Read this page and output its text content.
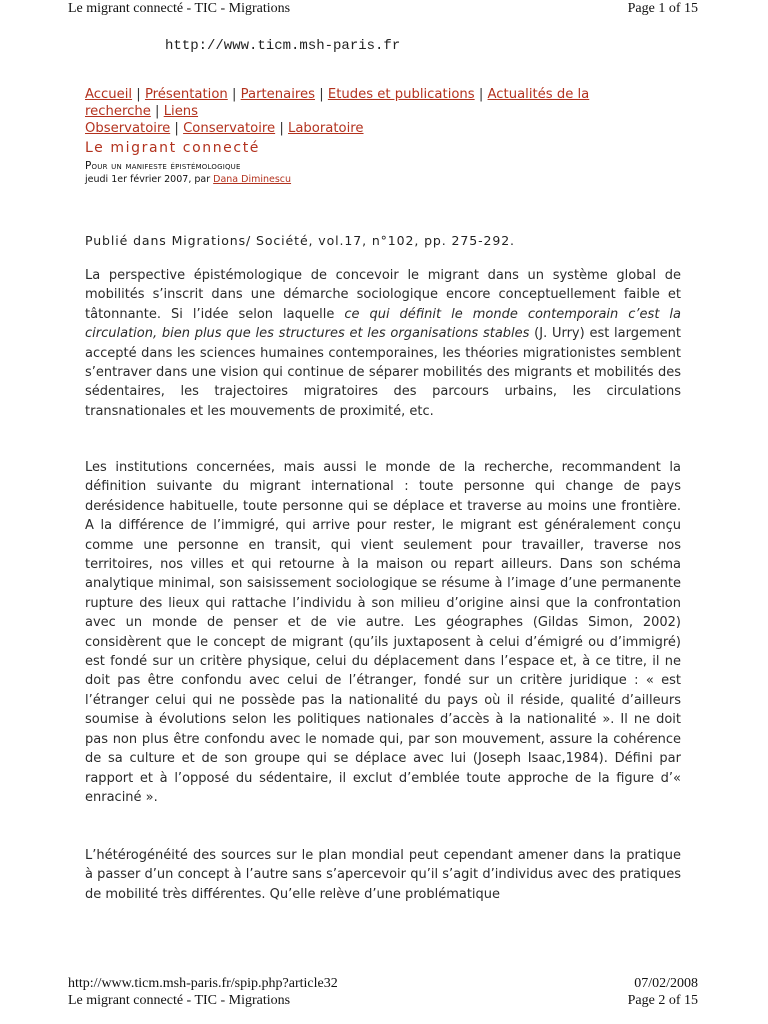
Le migrant connecté - TIC - Migrations	Page 1 of 15
http://www.ticm.msh-paris.fr
Accueil | Présentation | Partenaires | Etudes et publications | Actualités de la recherche | Liens
Observatoire | Conservatoire | Laboratoire
Le migrant connecté
Pour un manifeste épistémologique
jeudi 1er février 2007, par Dana Diminescu
Publié dans Migrations/ Société, vol.17, n°102, pp. 275-292.
La perspective épistémologique de concevoir le migrant dans un système global de mobilités s’inscrit dans une démarche sociologique encore conceptuellement faible et tâtonnante. Si l’idée selon laquelle ce qui définit le monde contemporain c’est la circulation, bien plus que les structures et les organisations stables (J. Urry) est largement accepté dans les sciences humaines contemporaines, les théories migrationistes semblent s’entraver dans une vision qui continue de séparer mobilités des migrants et mobilités des sédentaires, les trajectoires migratoires des parcours urbains, les circulations transnationales et les mouvements de proximité, etc.
Les institutions concernées, mais aussi le monde de la recherche, recommandent la définition suivante du migrant international : toute personne qui change de pays derésidence habituelle, toute personne qui se déplace et traverse au moins une frontière. A la différence de l’immigré, qui arrive pour rester, le migrant est généralement conçu comme une personne en transit, qui vient seulement pour travailler, traverse nos territoires, nos villes et qui retourne à la maison ou repart ailleurs. Dans son schéma analytique minimal, son saisissement sociologique se résume à l’image d’une permanente rupture des lieux qui rattache l’individu à son milieu d’origine ainsi que la confrontation avec un monde de penser et de vie autre. Les géographes (Gildas Simon, 2002) considèrent que le concept de migrant (qu’ils juxtaposent à celui d’émigré ou d’immigré) est fondé sur un critère physique, celui du déplacement dans l’espace et, à ce titre, il ne doit pas être confondu avec celui de l’étranger, fondé sur un critère juridique : « est l’étranger celui qui ne possède pas la nationalité du pays où il réside, qualité d’ailleurs soumise à évolutions selon les politiques nationales d’accès à la nationalité ». Il ne doit pas non plus être confondu avec le nomade qui, par son mouvement, assure la cohérence de sa culture et de son groupe qui se déplace avec lui (Joseph Isaac,1984). Défini par rapport et à l’opposé du sédentaire, il exclut d’emblée toute approche de la figure d’« enraciné ».
L’hétérogénéité des sources sur le plan mondial peut cependant amener dans la pratique à passer d’un concept à l’autre sans s’apercevoir qu’il s’agit d’individus avec des pratiques de mobilité très différentes. Qu’elle relève d’une problématique
http://www.ticm.msh-paris.fr/spip.php?article32	07/02/2008
Le migrant connecté - TIC - Migrations	Page 2 of 15
